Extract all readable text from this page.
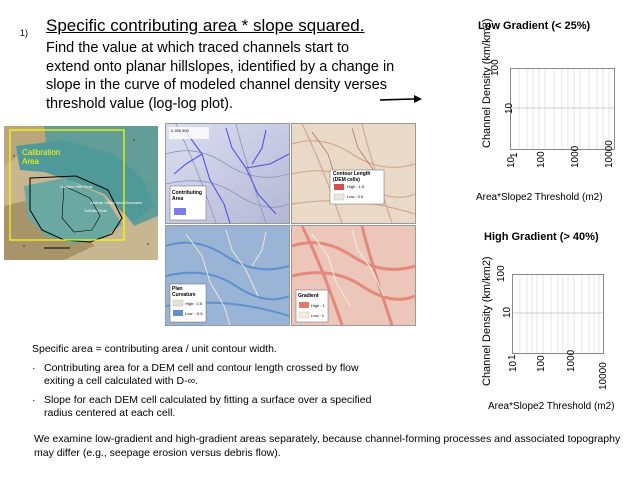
1) Specific contributing area * slope squared.
Find the value at which traced channels start to extend onto planar hillslopes, identified by a change in slope in the curve of modeled channel density verses threshold value (log-log plot).
Calibration
Area
Gabilan Hills Peak
Salinas River
Salinas Valley near Gonzales
0 250 500
Contributing
Area
Contour Length
(DEM cells)
High : 1.5
Low : 0.5
Plan
Curvature
High : 0.5
Low : -0.5
Gradient
High : 1
Low : 0
Low Gradient (< 25%)
Channel Density (km/km2)
100
10
1
10 100 1000 10000
Area*Slope2 Threshold (m2)
High Gradient (> 40%)
Channel Density (km/km2) 100
10
1
10 100 1000
10000
Area*Slope2 Threshold (m2)
Specific area = contributing area / unit contour width.
· Contributing area for a DEM cell and contour length crossed by flow exiting a cell calculated with D-∞.
· Slope for each DEM cell calculated by fitting a surface over a specified radius centered at each cell.
We examine low-gradient and high-gradient areas separately, because channel-forming processes and associated topography may differ (e.g., seepage erosion versus debris flow).
